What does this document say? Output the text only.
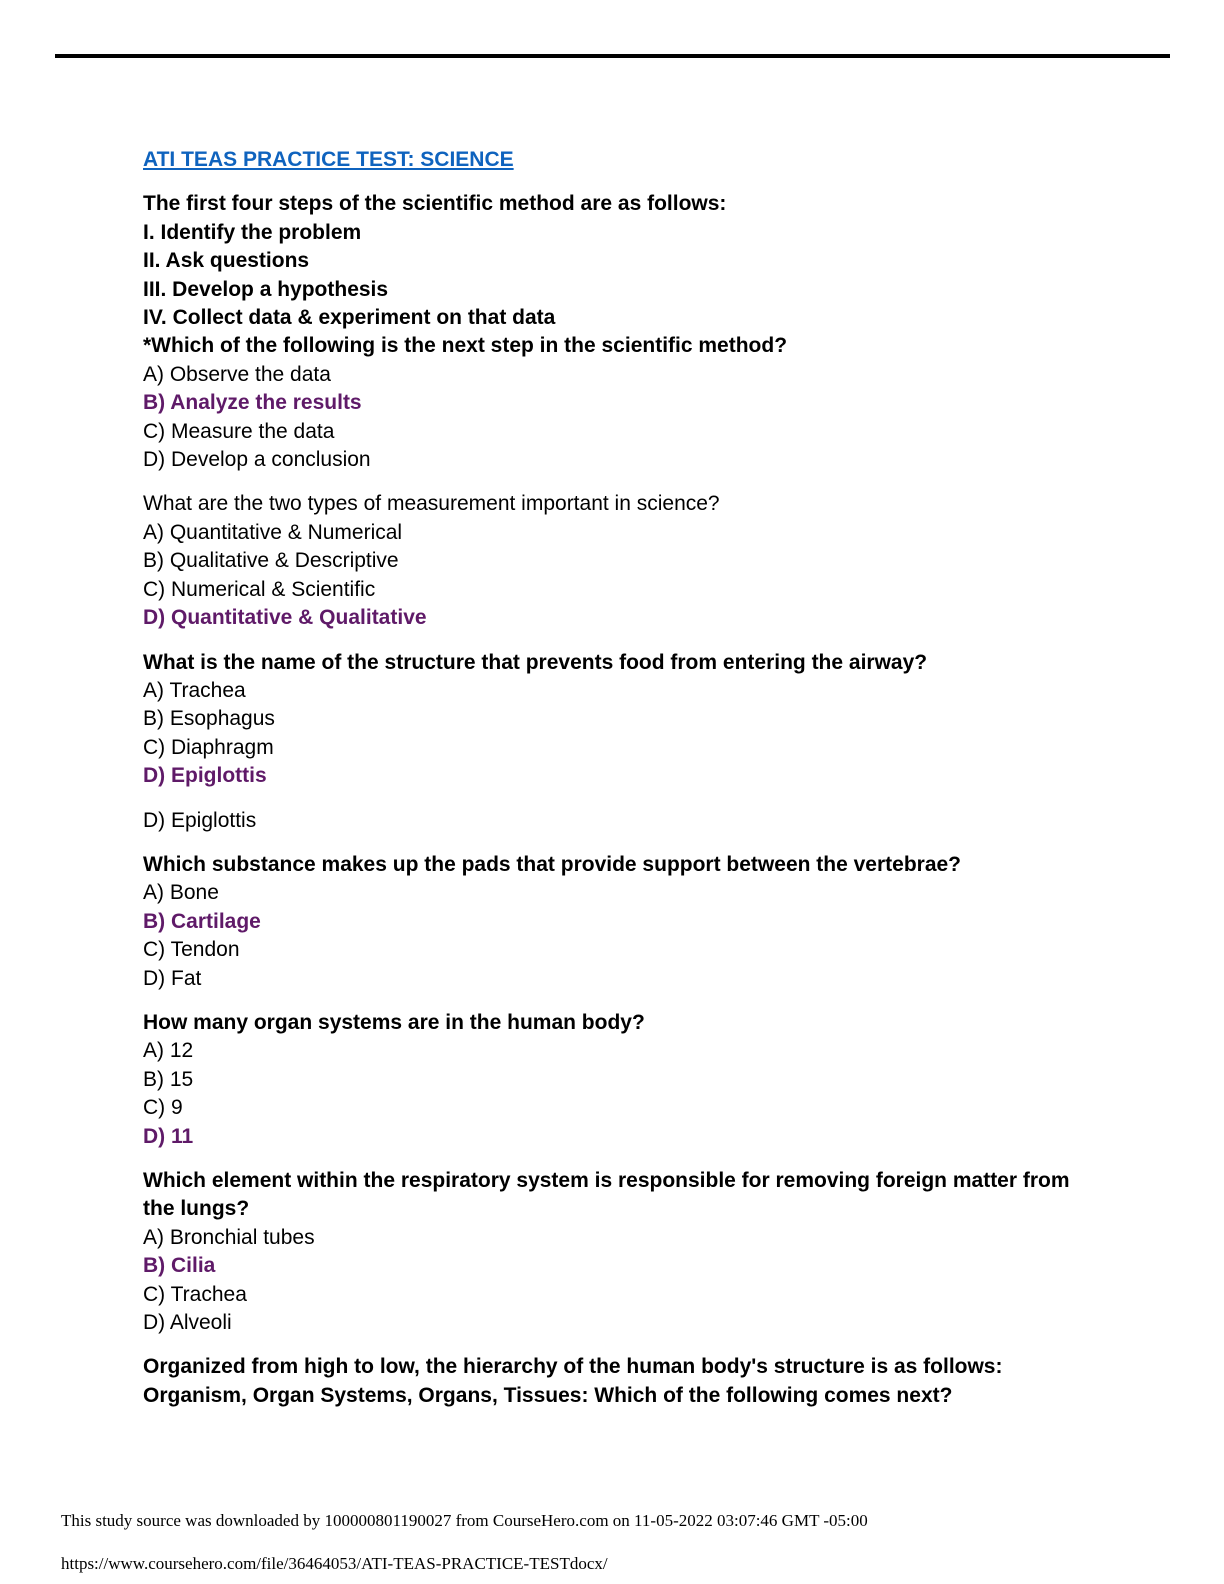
ATI TEAS PRACTICE TEST: SCIENCE
The first four steps of the scientific method are as follows:
I. Identify the problem
II. Ask questions
III. Develop a hypothesis
IV. Collect data & experiment on that data
*Which of the following is the next step in the scientific method?
A) Observe the data
B) Analyze the results
C) Measure the data
D) Develop a conclusion
What are the two types of measurement important in science?
A) Quantitative & Numerical
B) Qualitative & Descriptive
C) Numerical & Scientific
D) Quantitative & Qualitative
What is the name of the structure that prevents food from entering the airway?
A) Trachea
B) Esophagus
C) Diaphragm
D) Epiglottis
D) Epiglottis
Which substance makes up the pads that provide support between the vertebrae?
A) Bone
B) Cartilage
C) Tendon
D) Fat
How many organ systems are in the human body?
A) 12
B) 15
C) 9
D) 11
Which element within the respiratory system is responsible for removing foreign matter from the lungs?
A) Bronchial tubes
B) Cilia
C) Trachea
D) Alveoli
Organized from high to low, the hierarchy of the human body's structure is as follows: Organism, Organ Systems, Organs, Tissues: Which of the following comes next?
This study source was downloaded by 100000801190027 from CourseHero.com on 11-05-2022 03:07:46 GMT -05:00
https://www.coursehero.com/file/36464053/ATI-TEAS-PRACTICE-TESTdocx/
